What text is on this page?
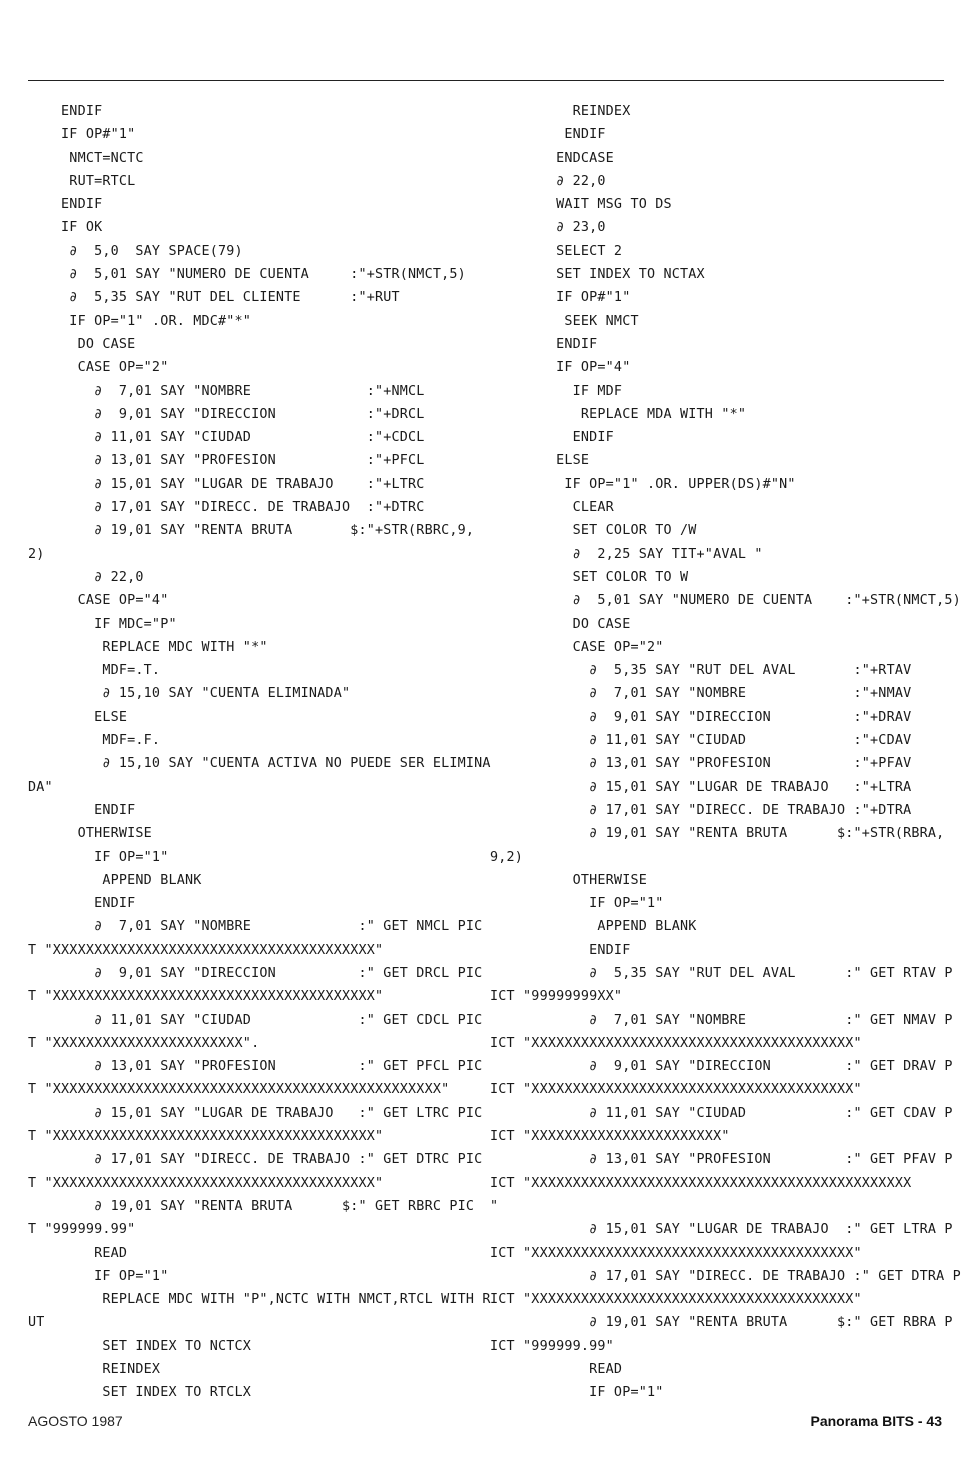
ENDIF
IF OP#"1"
NMCT=NCTC
RUT=RTCL
ENDIF
IF OK
∂  5,0  SAY SPACE(79)
∂  5,01 SAY "NUMERO DE CUENTA     :"+STR(NMCT,5)
∂  5,35 SAY "RUT DEL CLIENTE      :"+RUT
IF OP="1" .OR. MDC#"*"
DO CASE
CASE OP="2"
∂  7,01 SAY "NOMBRE              :"+NMCL
∂  9,01 SAY "DIRECCION           :"+DRCL
∂ 11,01 SAY "CIUDAD              :"+CDCL
∂ 13,01 SAY "PROFESION           :"+PFCL
∂ 15,01 SAY "LUGAR DE TRABAJO    :"+LTRC
∂ 17,01 SAY "DIRECC. DE TRABAJO  :"+DTRC
∂ 19,01 SAY "RENTA BRUTA       $:"+STR(RBRC,9,
2)
∂ 22,0
CASE OP="4"
IF MDC="P"
REPLACE MDC WITH "*"
MDF=.T.
∂ 15,10 SAY "CUENTA ELIMINADA"
ELSE
MDF=.F.
∂ 15,10 SAY "CUENTA ACTIVA NO PUEDE SER ELIMINA
DA"
ENDIF
OTHERWISE
IF OP="1"
APPEND BLANK
ENDIF
∂  7,01 SAY "NOMBRE             :" GET NMCL PIC
T "XXXXXXXXXXXXXXXXXXXXXXXXXXXXXXXXXXXXXXX"
∂  9,01 SAY "DIRECCION          :" GET DRCL PIC
T "XXXXXXXXXXXXXXXXXXXXXXXXXXXXXXXXXXXXXXX"
∂ 11,01 SAY "CIUDAD             :" GET CDCL PIC
T "XXXXXXXXXXXXXXXXXXXXXXX".
∂ 13,01 SAY "PROFESION          :" GET PFCL PIC
T "XXXXXXXXXXXXXXXXXXXXXXXXXXXXXXXXXXXXXXXXXXXXXXX"
∂ 15,01 SAY "LUGAR DE TRABAJO   :" GET LTRC PIC
T "XXXXXXXXXXXXXXXXXXXXXXXXXXXXXXXXXXXXXXX"
∂ 17,01 SAY "DIRECC. DE TRABAJO :" GET DTRC PIC
T "XXXXXXXXXXXXXXXXXXXXXXXXXXXXXXXXXXXXXXX"
∂ 19,01 SAY "RENTA BRUTA      $:" GET RBRC PIC
T "999999.99"
READ
IF OP="1"
REPLACE MDC WITH "P",NCTC WITH NMCT,RTCL WITH R
UT
SET INDEX TO NCTCX
REINDEX
SET INDEX TO RTCLX
REINDEX
ENDIF
ENDCASE
∂ 22,0
WAIT MSG TO DS
∂ 23,0
SELECT 2
SET INDEX TO NCTAX
IF OP#"1"
SEEK NMCT
ENDIF
IF OP="4"
IF MDF
REPLACE MDA WITH "*"
ENDIF
ELSE
IF OP="1" .OR. UPPER(DS)#"N"
CLEAR
SET COLOR TO /W
∂  2,25 SAY TIT+"AVAL "
SET COLOR TO W
∂  5,01 SAY "NUMERO DE CUENTA    :"+STR(NMCT,5)
DO CASE
CASE OP="2"
∂  5,35 SAY "RUT DEL AVAL       :"+RTAV
∂  7,01 SAY "NOMBRE             :"+NMAV
∂  9,01 SAY "DIRECCION          :"+DRAV
∂ 11,01 SAY "CIUDAD             :"+CDAV
∂ 13,01 SAY "PROFESION          :"+PFAV
∂ 15,01 SAY "LUGAR DE TRABAJO   :"+LTRA
∂ 17,01 SAY "DIRECC. DE TRABAJO :"+DTRA
∂ 19,01 SAY "RENTA BRUTA      $:"+STR(RBRA,
9,2)
OTHERWISE
IF OP="1"
APPEND BLANK
ENDIF
∂  5,35 SAY "RUT DEL AVAL      :" GET RTAV P
ICT "99999999XX"
∂  7,01 SAY "NOMBRE            :" GET NMAV P
ICT "XXXXXXXXXXXXXXXXXXXXXXXXXXXXXXXXXXXXXXX"
∂  9,01 SAY "DIRECCION         :" GET DRAV P
ICT "XXXXXXXXXXXXXXXXXXXXXXXXXXXXXXXXXXXXXXX"
∂ 11,01 SAY "CIUDAD            :" GET CDAV P
ICT "XXXXXXXXXXXXXXXXXXXXXXX"
∂ 13,01 SAY "PROFESION         :" GET PFAV P
ICT "XXXXXXXXXXXXXXXXXXXXXXXXXXXXXXXXXXXXXXXXXXXXXX
"
∂ 15,01 SAY "LUGAR DE TRABAJO  :" GET LTRA P
ICT "XXXXXXXXXXXXXXXXXXXXXXXXXXXXXXXXXXXXXXX"
∂ 17,01 SAY "DIRECC. DE TRABAJO :" GET DTRA P
ICT "XXXXXXXXXXXXXXXXXXXXXXXXXXXXXXXXXXXXXXX"
∂ 19,01 SAY "RENTA BRUTA      $:" GET RBRA P
ICT "999999.99"
READ
IF OP="1"
AGOSTO 1987	Panorama BITS - 43
